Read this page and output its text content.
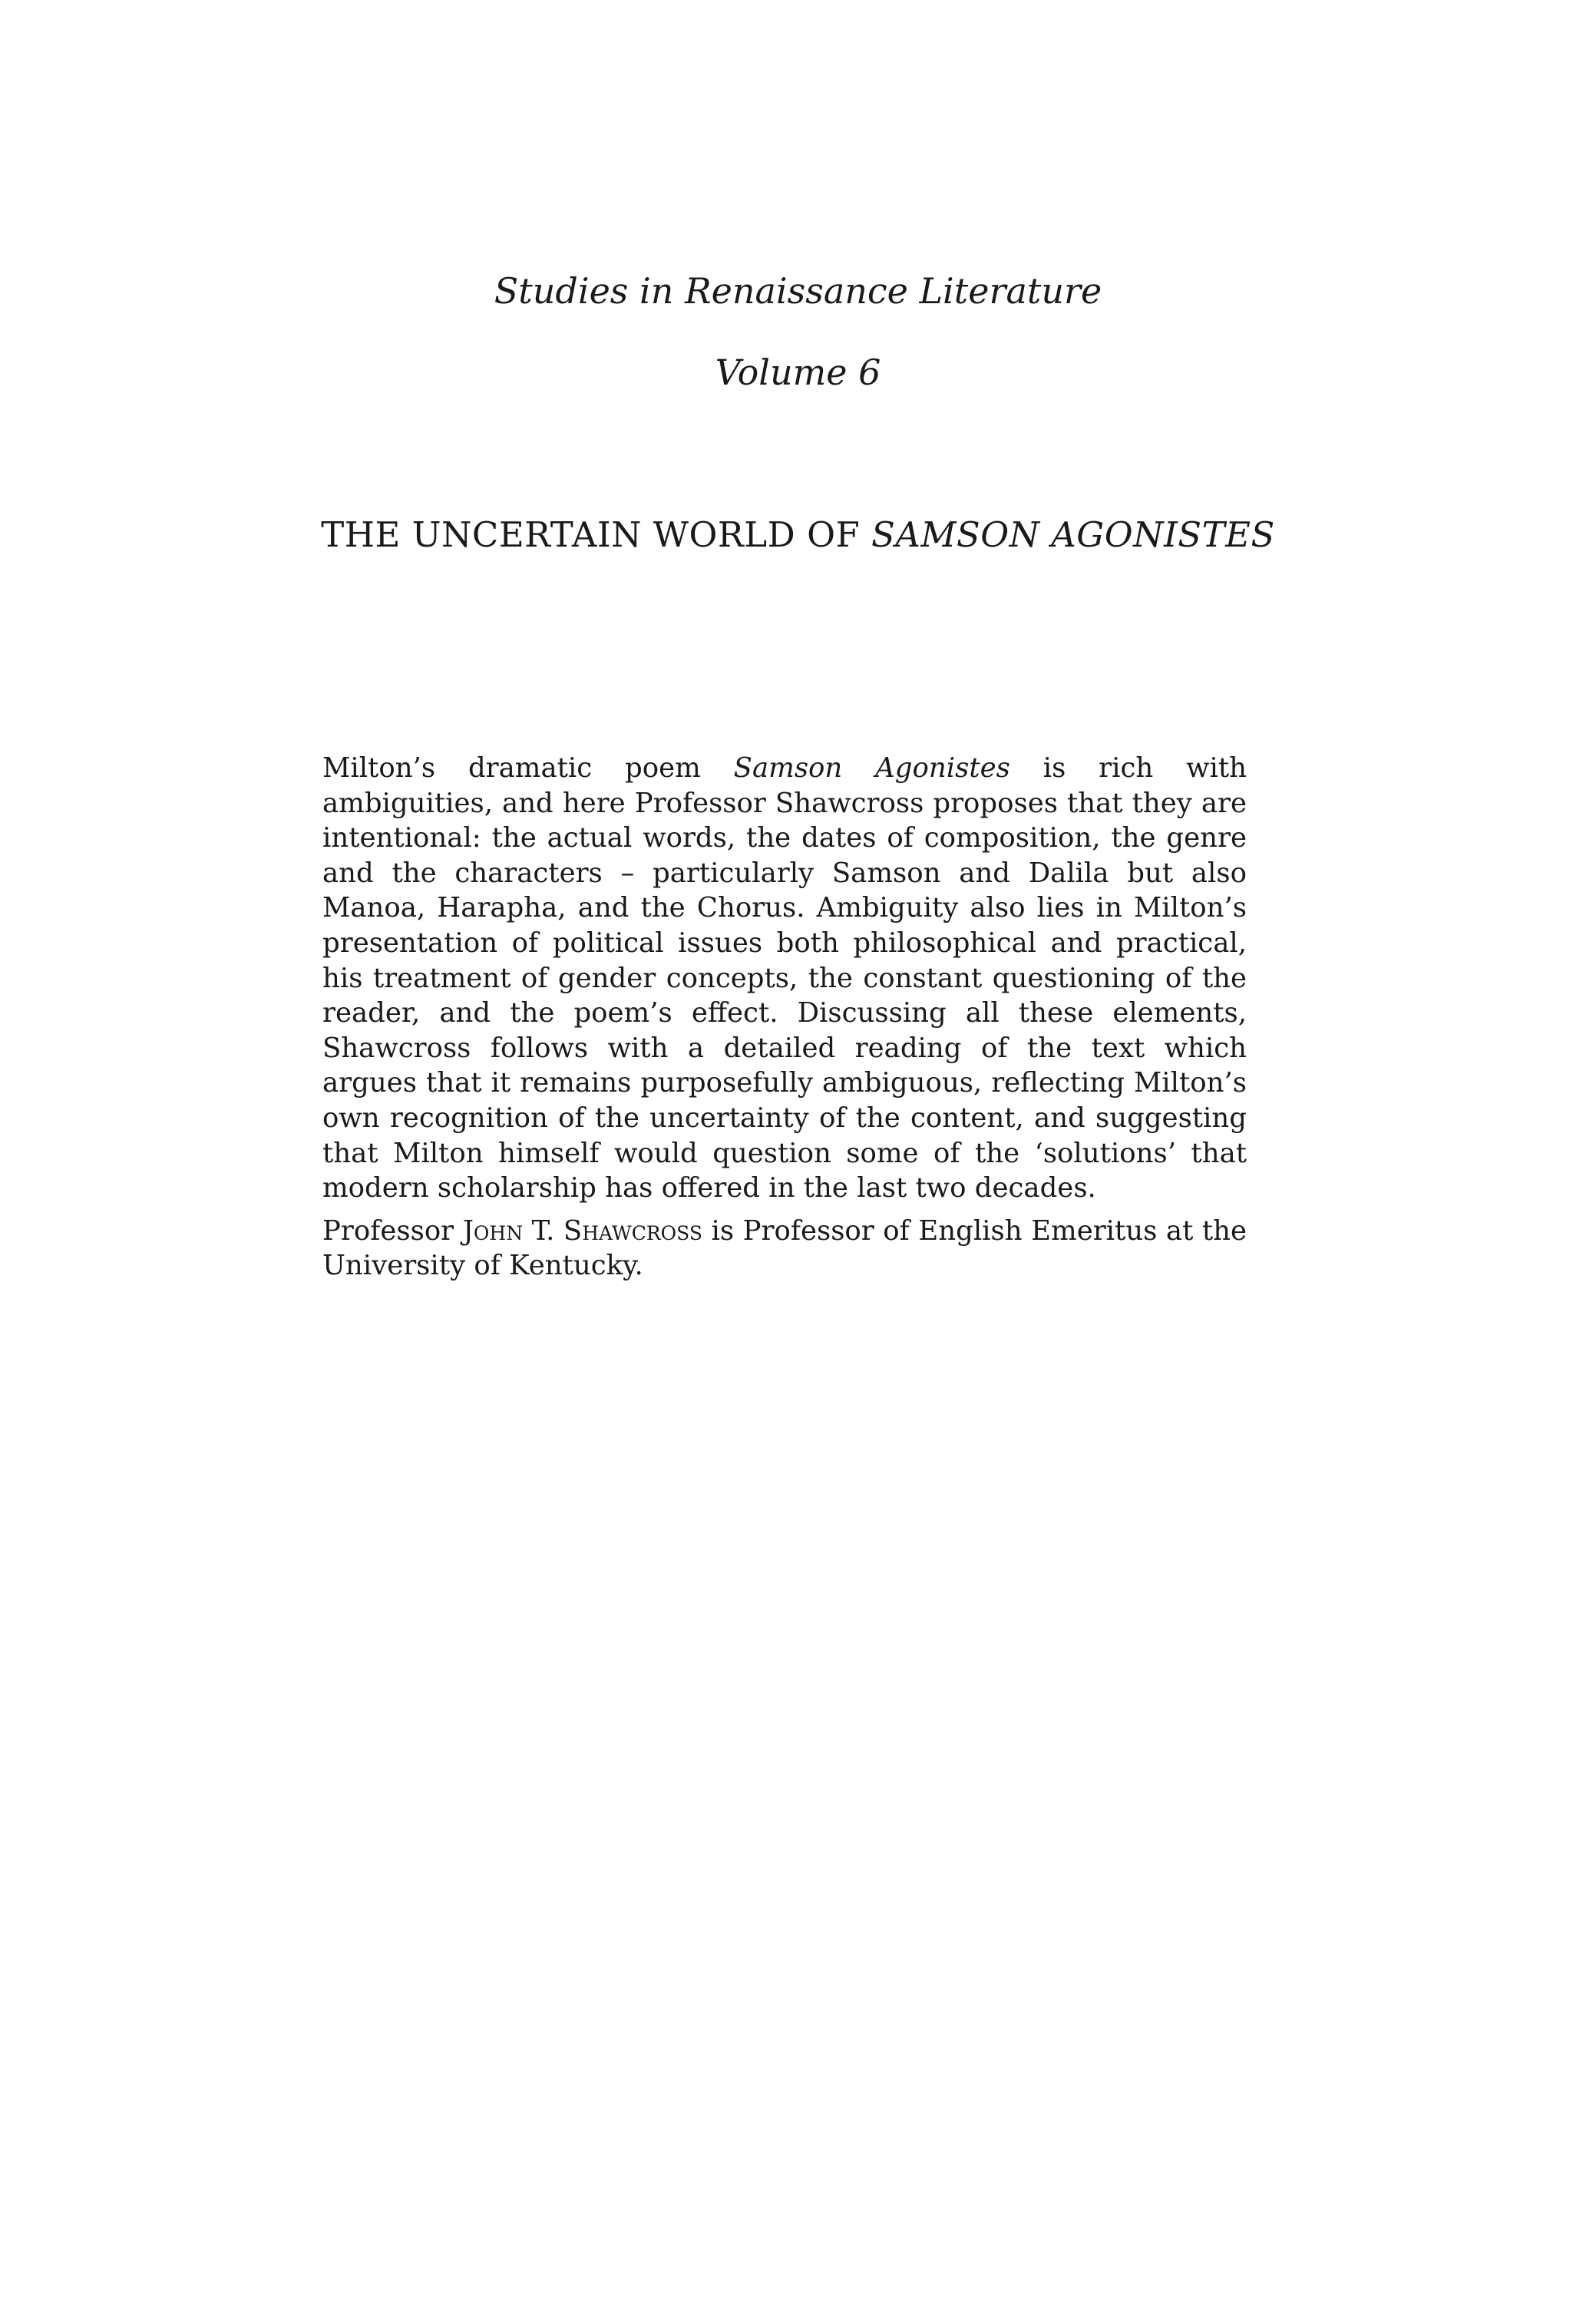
Studies in Renaissance Literature
Volume 6
THE UNCERTAIN WORLD OF SAMSON AGONISTES

Milton’s dramatic poem Samson Agonistes is rich with ambiguities, and here Professor Shawcross proposes that they are intentional: the actual words, the dates of composition, the genre and the characters – particularly Samson and Dalila but also Manoa, Harapha, and the Chorus. Ambiguity also lies in Milton’s presentation of political issues both philosophical and practical, his treatment of gender concepts, the constant questioning of the reader, and the poem’s effect. Discussing all these elements, Shawcross follows with a detailed reading of the text which argues that it remains purposefully ambiguous, reflecting Milton’s own recognition of the uncertainty of the content, and suggesting that Milton himself would question some of the ‘solutions’ that modern scholarship has offered in the last two decades.

Professor John T. Shawcross is Professor of English Emeritus at the University of Kentucky.
